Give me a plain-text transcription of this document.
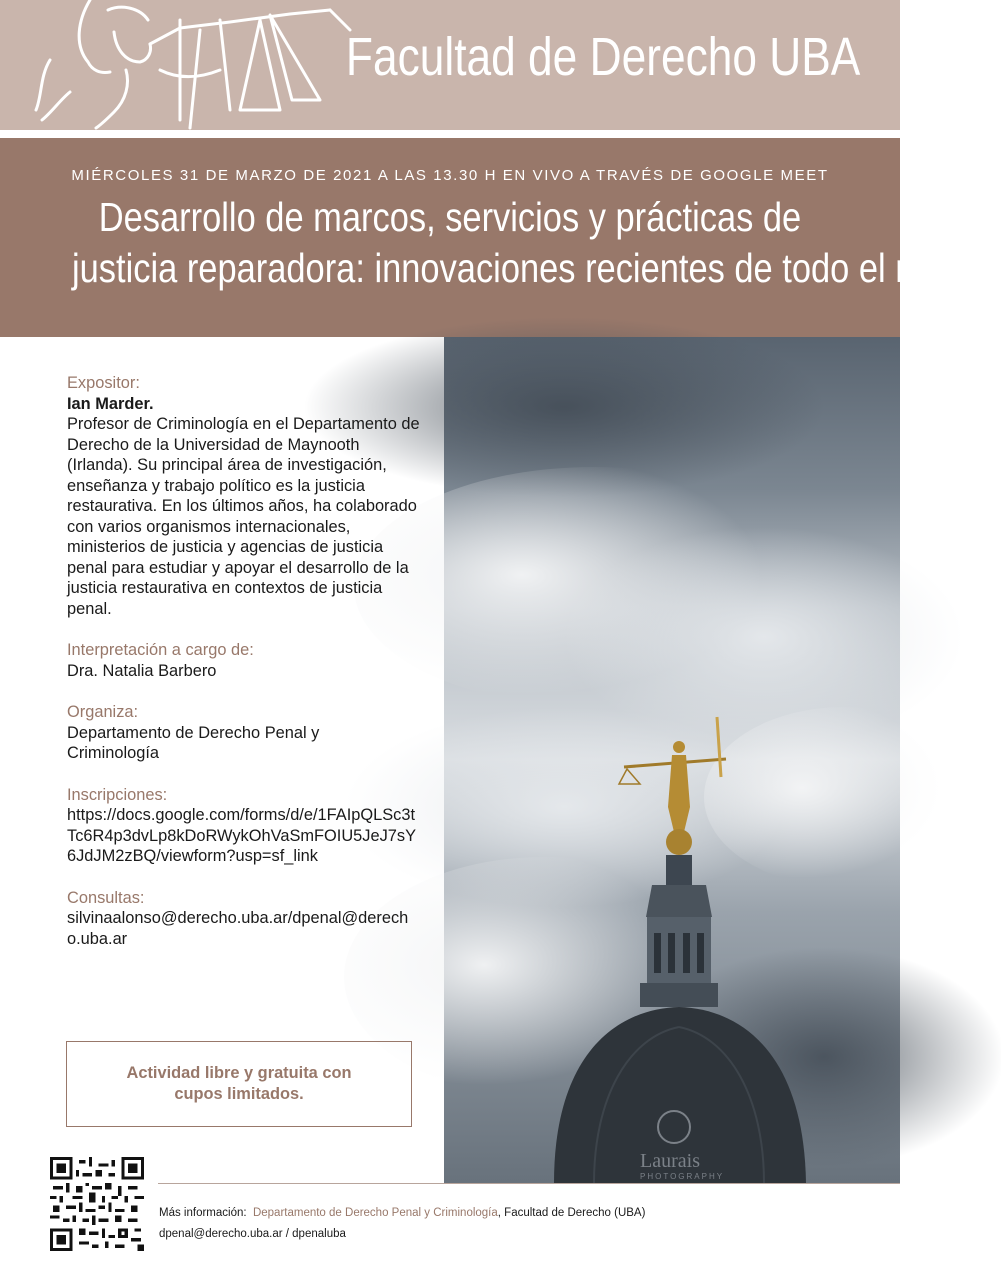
Facultad de Derecho UBA
MIÉRCOLES 31 DE MARZO DE 2021 A LAS 13.30 H EN VIVO A TRAVÉS DE GOOGLE MEET
Desarrollo de marcos, servicios y prácticas de
justicia reparadora: innovaciones recientes de todo el mundo
Laurais
PHOTOGRAPHY
Expositor:
Ian Marder.
Profesor de Criminología en el Departamento de Derecho de la Universidad de Maynooth (Irlanda). Su principal área de investigación, enseñanza y trabajo político es la justicia restaurativa. En los últimos años, ha colaborado con varios organismos internacionales, ministerios de justicia y agencias de justicia penal para estudiar y apoyar el desarrollo de la justicia restaurativa en contextos de justicia penal.
Interpretación a cargo de:
Dra. Natalia Barbero
Organiza:
Departamento de Derecho Penal y Criminología
Inscripciones:
https://docs.google.com/forms/d/e/1FAIpQLSc3tTc6R4p3dvLp8kDoRWykOhVaSmFOIU5JeJ7sY6JdJM2zBQ/viewform?usp=sf_link
Consultas:
silvinaalonso@derecho.uba.ar/dpenal@derecho.uba.ar
Actividad libre y gratuita con cupos limitados.
Más información: Departamento de Derecho Penal y Criminología, Facultad de Derecho (UBA)
dpenal@derecho.uba.ar / dpenaluba
